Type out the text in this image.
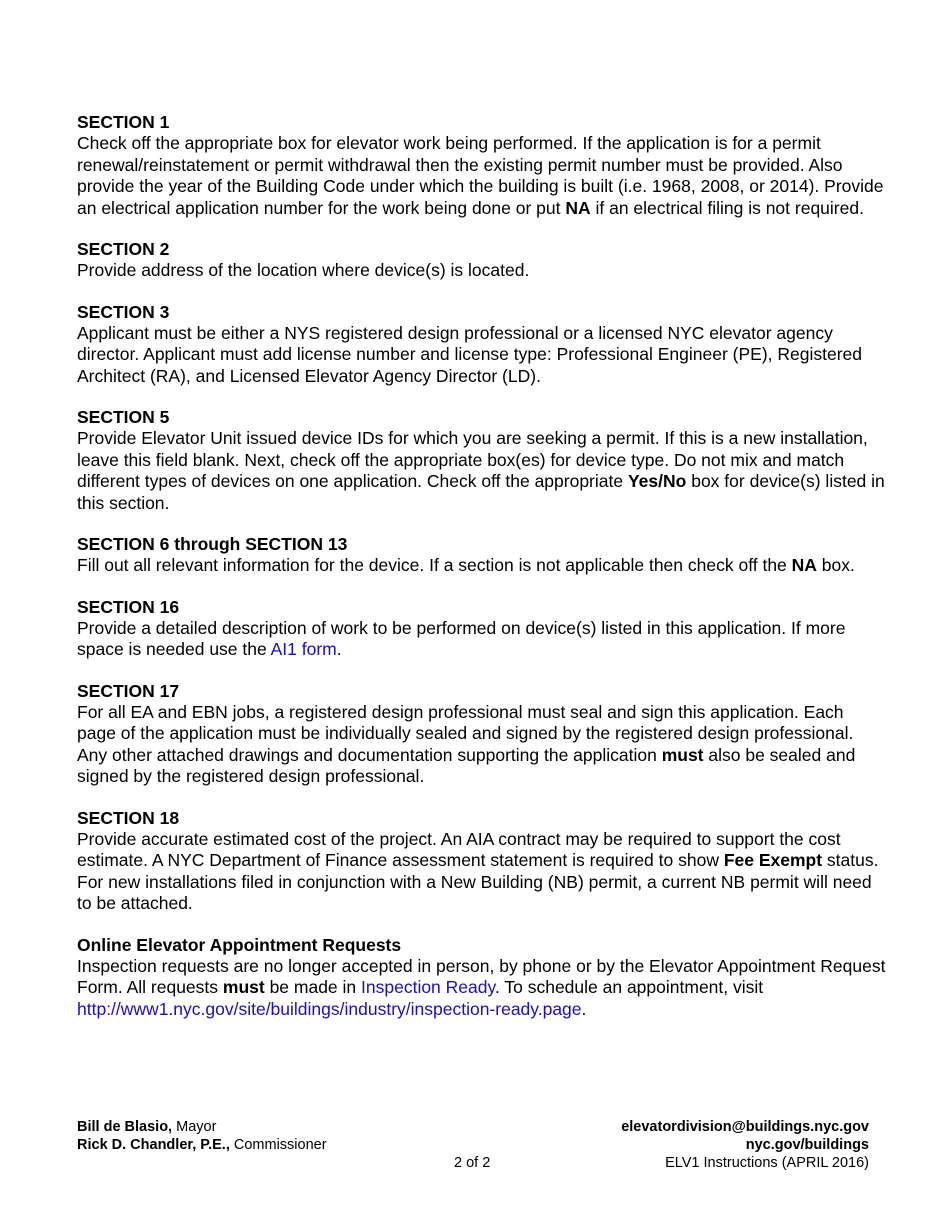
SECTION 1

Check off the appropriate box for elevator work being performed. If the application is for a permit renewal/reinstatement or permit withdrawal then the existing permit number must be provided. Also provide the year of the Building Code under which the building is built (i.e. 1968, 2008, or 2014). Provide an electrical application number for the work being done or put NA if an electrical filing is not required.

SECTION 2

Provide address of the location where device(s) is located.

SECTION 3

Applicant must be either a NYS registered design professional or a licensed NYC elevator agency director. Applicant must add license number and license type: Professional Engineer (PE), Registered Architect (RA), and Licensed Elevator Agency Director (LD).

SECTION 5

Provide Elevator Unit issued device IDs for which you are seeking a permit. If this is a new installation, leave this field blank. Next, check off the appropriate box(es) for device type. Do not mix and match different types of devices on one application. Check off the appropriate Yes/No box for device(s) listed in this section.

SECTION 6 through SECTION 13

Fill out all relevant information for the device. If a section is not applicable then check off the NA box.

SECTION 16

Provide a detailed description of work to be performed on device(s) listed in this application. If more space is needed use the AI1 form.

SECTION 17

For all EA and EBN jobs, a registered design professional must seal and sign this application. Each page of the application must be individually sealed and signed by the registered design professional. Any other attached drawings and documentation supporting the application must also be sealed and signed by the registered design professional.

SECTION 18

Provide accurate estimated cost of the project. An AIA contract may be required to support the cost estimate. A NYC Department of Finance assessment statement is required to show Fee Exempt status. For new installations filed in conjunction with a New Building (NB) permit, a current NB permit will need to be attached.

Online Elevator Appointment Requests

Inspection requests are no longer accepted in person, by phone or by the Elevator Appointment Request Form. All requests must be made in Inspection Ready. To schedule an appointment, visit http://www1.nyc.gov/site/buildings/industry/inspection-ready.page.

Bill de Blasio, Mayor
Rick D. Chandler, P.E., Commissioner
2 of 2
elevatordivision@buildings.nyc.gov
nyc.gov/buildings
ELV1 Instructions (APRIL 2016)
